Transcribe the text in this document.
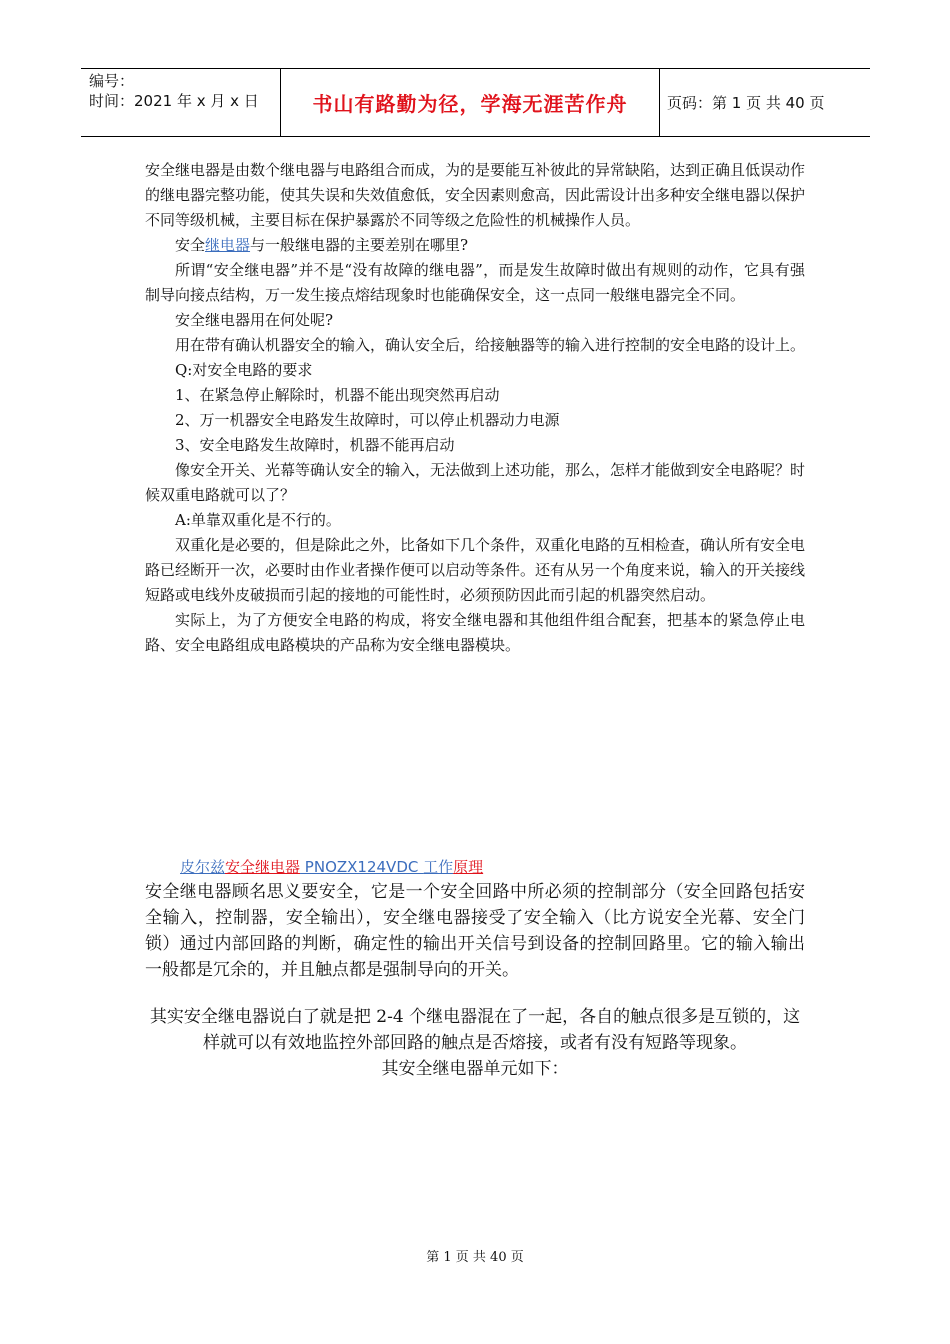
编号：
时间：2021 年 x 月 x 日	书山有路勤为径，学海无涯苦作舟	页码：第 1 页 共 40 页

安全继电器是由数个继电器与电路组合而成，为的是要能互补彼此的异常缺陷，达到正确且低误动作的继电器完整功能，使其失误和失效值愈低，安全因素则愈高，因此需设计出多种安全继电器以保护不同等级机械，主要目标在保护暴露於不同等级之危险性的机械操作人员。

安全继电器与一般继电器的主要差别在哪里?

所谓“安全继电器”并不是“没有故障的继电器”，而是发生故障时做出有规则的动作，它具有强制导向接点结构，万一发生接点熔结现象时也能确保安全，这一点同一般继电器完全不同。

安全继电器用在何处呢?

用在带有确认机器安全的输入，确认安全后，给接触器等的输入进行控制的安全电路的设计上。

Q:对安全电路的要求

1、在紧急停止解除时，机器不能出现突然再启动

2、万一机器安全电路发生故障时，可以停止机器动力电源

3、安全电路发生故障时，机器不能再启动

像安全开关、光幕等确认安全的输入，无法做到上述功能，那么，怎样才能做到安全电路呢？时候双重电路就可以了？

A:单靠双重化是不行的。

双重化是必要的，但是除此之外，比备如下几个条件，双重化电路的互相检查，确认所有安全电路已经断开一次，必要时由作业者操作便可以启动等条件。还有从另一个角度来说，输入的开关接线短路或电线外皮破损而引起的接地的可能性时，必须预防因此而引起的机器突然启动。

实际上，为了方便安全电路的构成，将安全继电器和其他组件组合配套，把基本的紧急停止电路、安全电路组成电路模块的产品称为安全继电器模块。

皮尔兹安全继电器 PNOZX124VDC 工作原理
安全继电器顾名思义要安全，它是一个安全回路中所必须的控制部分（安全回路包括安全输入，控制器，安全输出），安全继电器接受了安全输入（比方说安全光幕、安全门锁）通过内部回路的判断，确定性的输出开关信号到设备的控制回路里。它的输入输出一般都是冗余的，并且触点都是强制导向的开关。

其实安全继电器说白了就是把 2-4 个继电器混在了一起，各自的触点很多是互锁的，这样就可以有效地监控外部回路的触点是否熔接，或者有没有短路等现象。

其安全继电器单元如下：

第 1 页 共 40 页
